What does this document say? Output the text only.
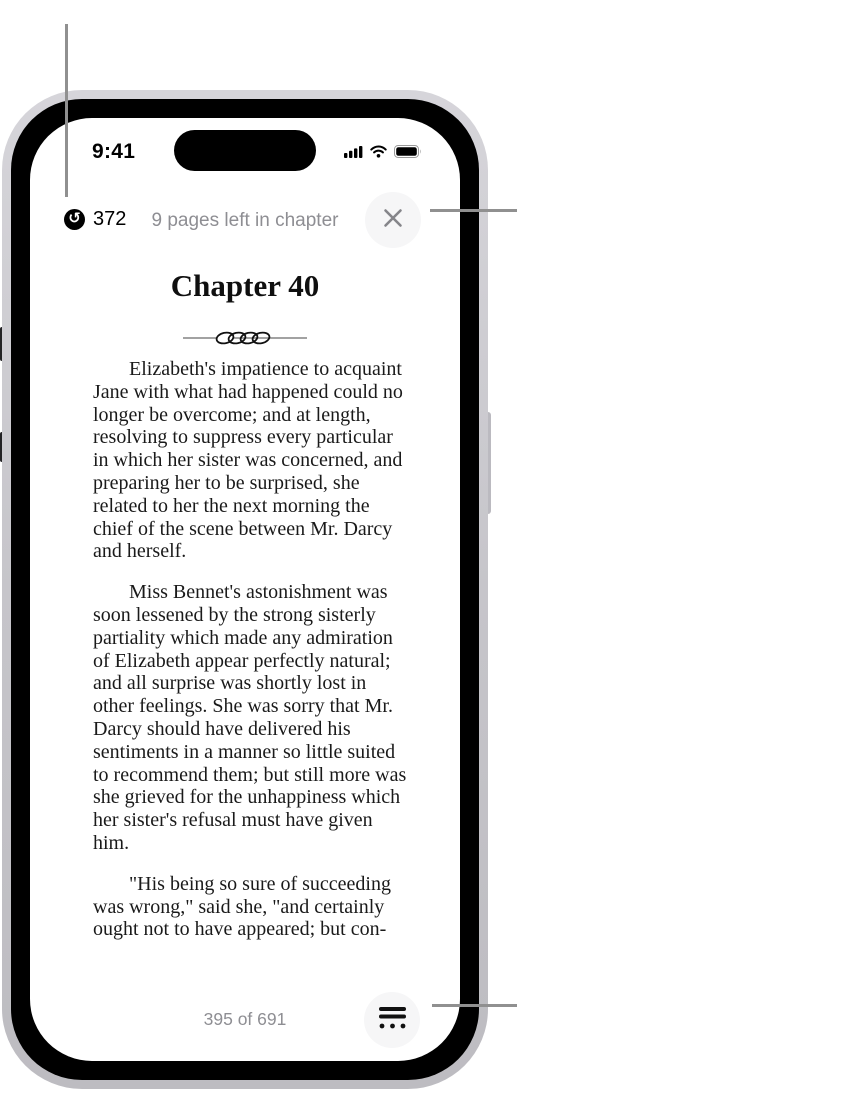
9:41
↺ 372	9 pages left in chapter
Chapter 40

Elizabeth's impatience to acquaint Jane with what had happened could no longer be overcome; and at length, resolving to suppress every particular in which her sister was concerned, and preparing her to be surprised, she related to her the next morning the chief of the scene between Mr. Darcy and herself.

Miss Bennet's astonishment was soon lessened by the strong sisterly partiality which made any admiration of Elizabeth appear perfectly natural; and all surprise was shortly lost in other feelings. She was sorry that Mr. Darcy should have delivered his sentiments in a manner so little suited to recommend them; but still more was she grieved for the unhappiness which her sister's refusal must have given him.

"His being so sure of succeeding was wrong," said she, "and certainly ought not to have appeared; but con-

395 of 691
